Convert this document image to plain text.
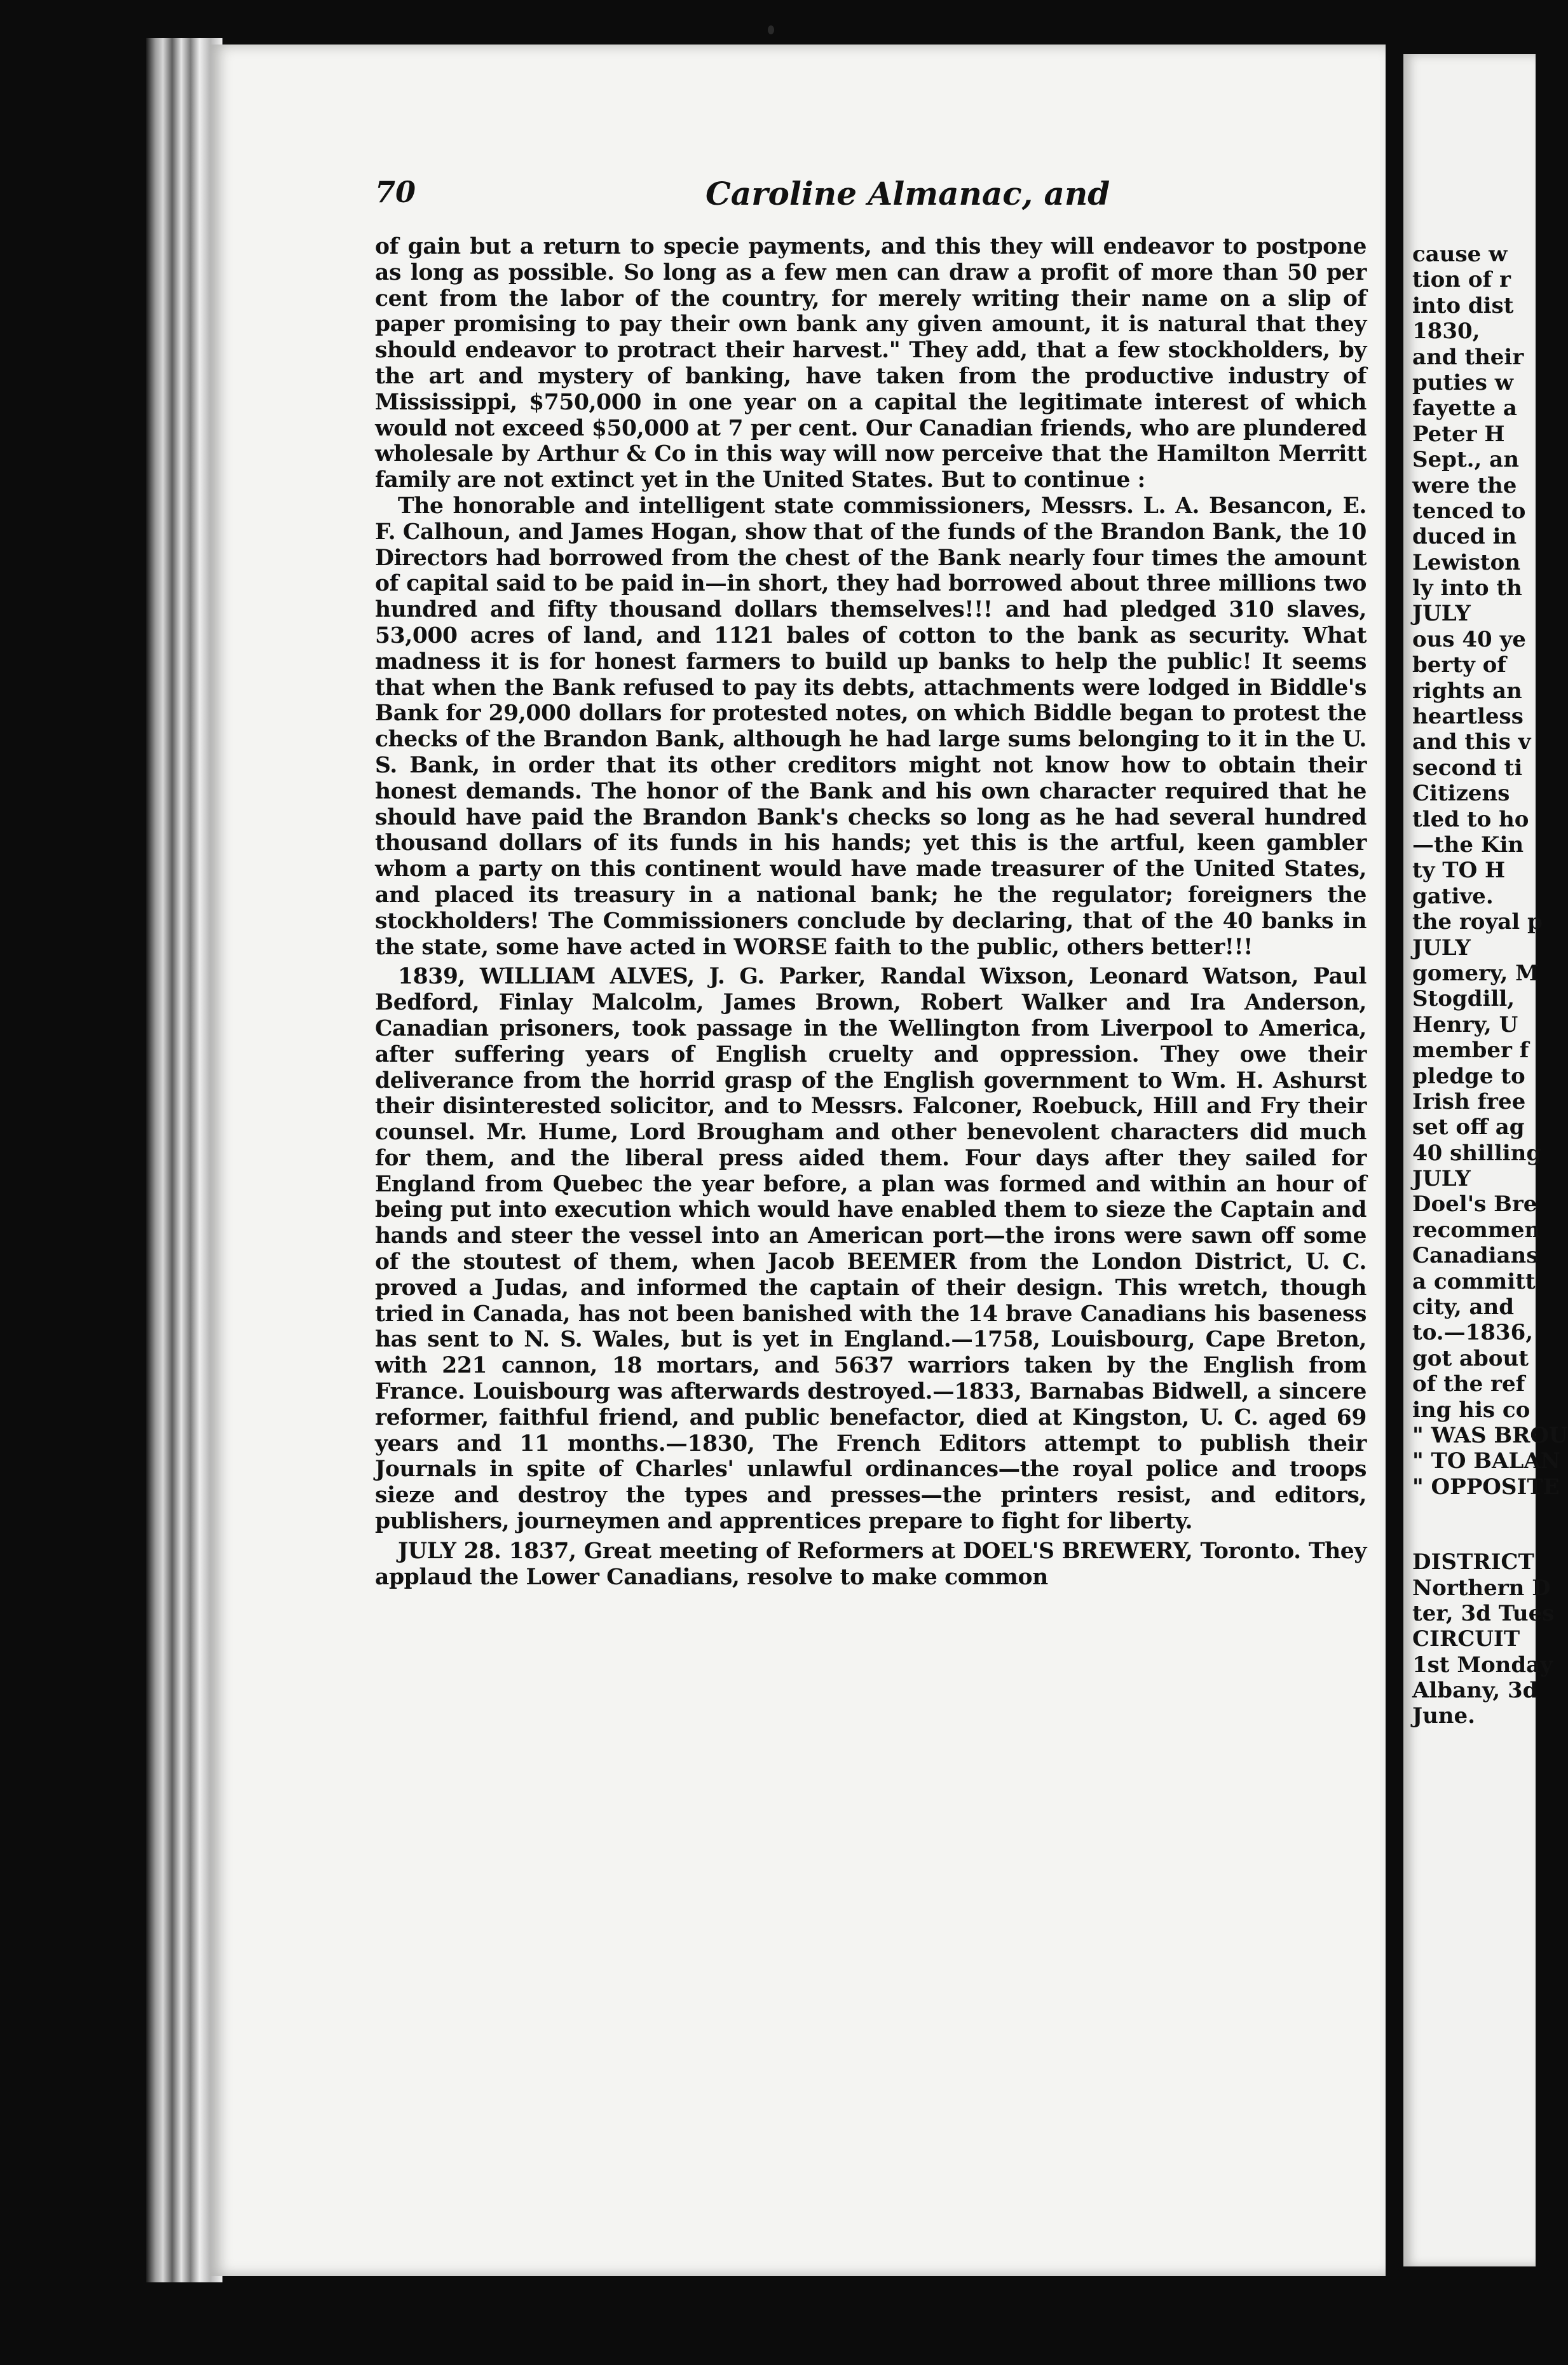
70	Caroline Almanac, and

of gain but a return to specie payments, and this they will endeavor to postpone as long as possible. So long as a few men can draw a profit of more than 50 per cent from the labor of the country, for merely writing their name on a slip of paper promising to pay their own bank any given amount, it is natural that they should endeavor to protract their harvest." They add, that a few stockholders, by the art and mystery of banking, have taken from the productive industry of Mississippi, $750,000 in one year on a capital the legitimate interest of which would not exceed $50,000 at 7 per cent. Our Canadian friends, who are plundered wholesale by Arthur & Co in this way will now perceive that the Hamilton Merritt family are not extinct yet in the United States. But to continue :

The honorable and intelligent state commissioners, Messrs. L. A. Besancon, E. F. Calhoun, and James Hogan, show that of the funds of the Brandon Bank, the 10 Directors had borrowed from the chest of the Bank nearly four times the amount of capital said to be paid in—in short, they had borrowed about three millions two hundred and fifty thousand dollars themselves!!! and had pledged 310 slaves, 53,000 acres of land, and 1121 bales of cotton to the bank as security. What madness it is for honest farmers to build up banks to help the public! It seems that when the Bank refused to pay its debts, attachments were lodged in Biddle's Bank for 29,000 dollars for protested notes, on which Biddle began to protest the checks of the Brandon Bank, although he had large sums belonging to it in the U. S. Bank, in order that its other creditors might not know how to obtain their honest demands. The honor of the Bank and his own character required that he should have paid the Brandon Bank's checks so long as he had several hundred thousand dollars of its funds in his hands; yet this is the artful, keen gambler whom a party on this continent would have made treasurer of the United States, and placed its treasury in a national bank; he the regulator; foreigners the stockholders! The Commissioners conclude by declaring, that of the 40 banks in the state, some have acted in WORSE faith to the public, others better!!!

1839, WILLIAM ALVES, J. G. Parker, Randal Wixson, Leonard Watson, Paul Bedford, Finlay Malcolm, James Brown, Robert Walker and Ira Anderson, Canadian prisoners, took passage in the Wellington from Liverpool to America, after suffering years of English cruelty and oppression. They owe their deliverance from the horrid grasp of the English government to Wm. H. Ashurst their disinterested solicitor, and to Messrs. Falconer, Roebuck, Hill and Fry their counsel. Mr. Hume, Lord Brougham and other benevolent characters did much for them, and the liberal press aided them. Four days after they sailed for England from Quebec the year before, a plan was formed and within an hour of being put into execution which would have enabled them to sieze the Captain and hands and steer the vessel into an American port—the irons were sawn off some of the stoutest of them, when Jacob BEEMER from the London District, U. C. proved a Judas, and informed the captain of their design. This wretch, though tried in Canada, has not been banished with the 14 brave Canadians his baseness has sent to N. S. Wales, but is yet in England.—1758, Louisbourg, Cape Breton, with 221 cannon, 18 mortars, and 5637 warriors taken by the English from France. Louisbourg was afterwards destroyed.—1833, Barnabas Bidwell, a sincere reformer, faithful friend, and public benefactor, died at Kingston, U. C. aged 69 years and 11 months.—1830, The French Editors attempt to publish their Journals in spite of Charles' unlawful ordinances—the royal police and troops sieze and destroy the types and presses—the printers resist, and editors, publishers, journeymen and apprentices prepare to fight for liberty.

JULY 28. 1837, Great meeting of Reformers at DOEL'S BREWERY, Toronto. They applaud the Lower Canadians, resolve to make common

cause w
tion of r
into dist
1830,
and their
puties w
fayette a
Peter H
Sept., an
were the
tenced to
duced in
Lewiston
ly into th
JULY
ous 40 ye
berty of
rights an
heartless
and this v
second ti
Citizens
tled to ho
—the Kin
ty TO H
gative.
the royal p
JULY
gomery, M
Stogdill,
Henry, U
member f
pledge to
Irish free
set off ag
40 shilling
JULY
Doel's Bre
recommen
Canadians
a committ
city, and
to.—1836,
got about
of the ref
ing his co
" WAS BROU
" TO BALAN
" OPPOSITE
DISTRICT
Northern D
ter, 3d Tues
CIRCUIT
1st Monday
Albany, 3d
June.
